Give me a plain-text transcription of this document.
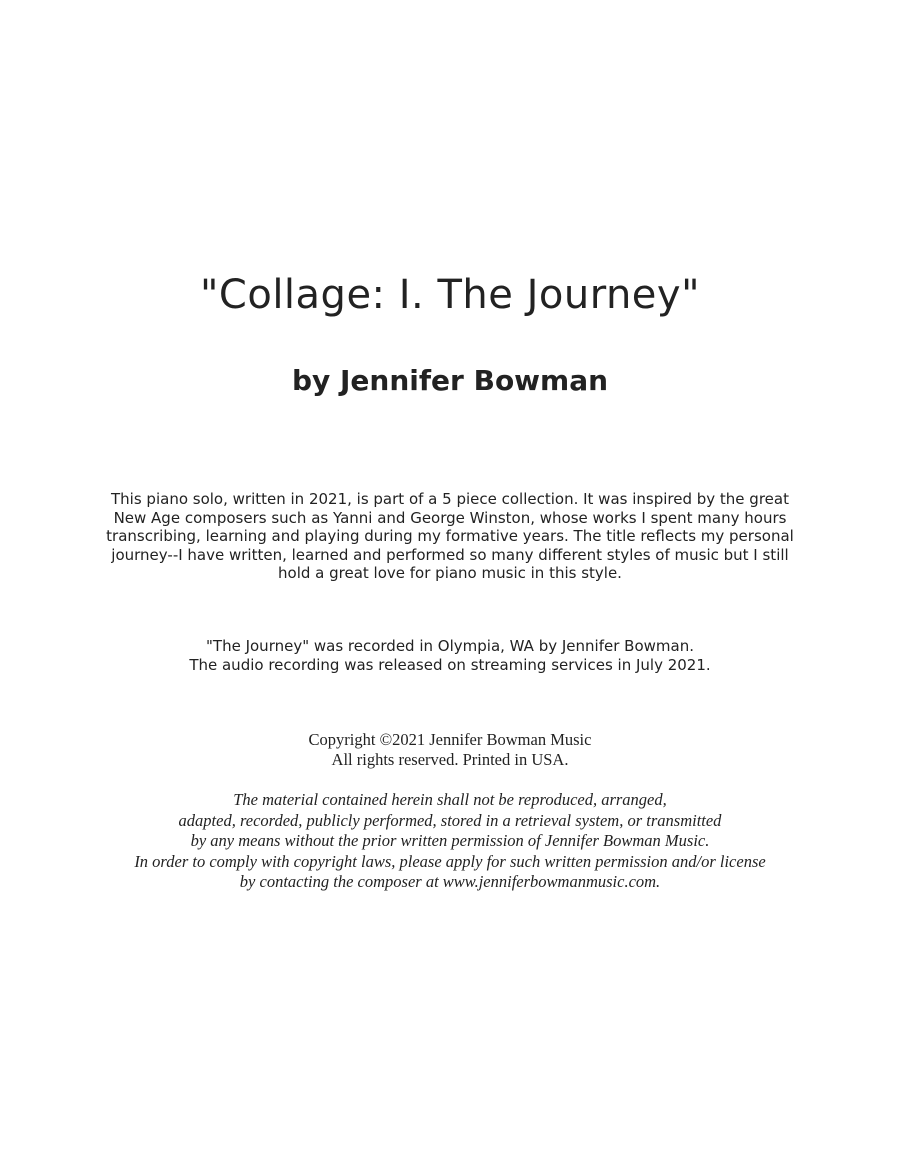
"Collage: I. The Journey"
by Jennifer Bowman
This piano solo, written in 2021, is part of a 5 piece collection. It was inspired by the great
New Age composers such as Yanni and George Winston, whose works I spent many hours
transcribing, learning and playing during my formative years. The title reflects my personal
journey--I have written, learned and performed so many different styles of music but I still
hold a great love for piano music in this style.
"The Journey" was recorded in Olympia, WA by Jennifer Bowman.
The audio recording was released on streaming services in July 2021.
Copyright ©2021 Jennifer Bowman Music
All rights reserved. Printed in USA.
The material contained herein shall not be reproduced, arranged,
adapted, recorded, publicly performed, stored in a retrieval system, or transmitted
by any means without the prior written permission of Jennifer Bowman Music.
In order to comply with copyright laws, please apply for such written permission and/or license
by contacting the composer at www.jenniferbowmanmusic.com.
